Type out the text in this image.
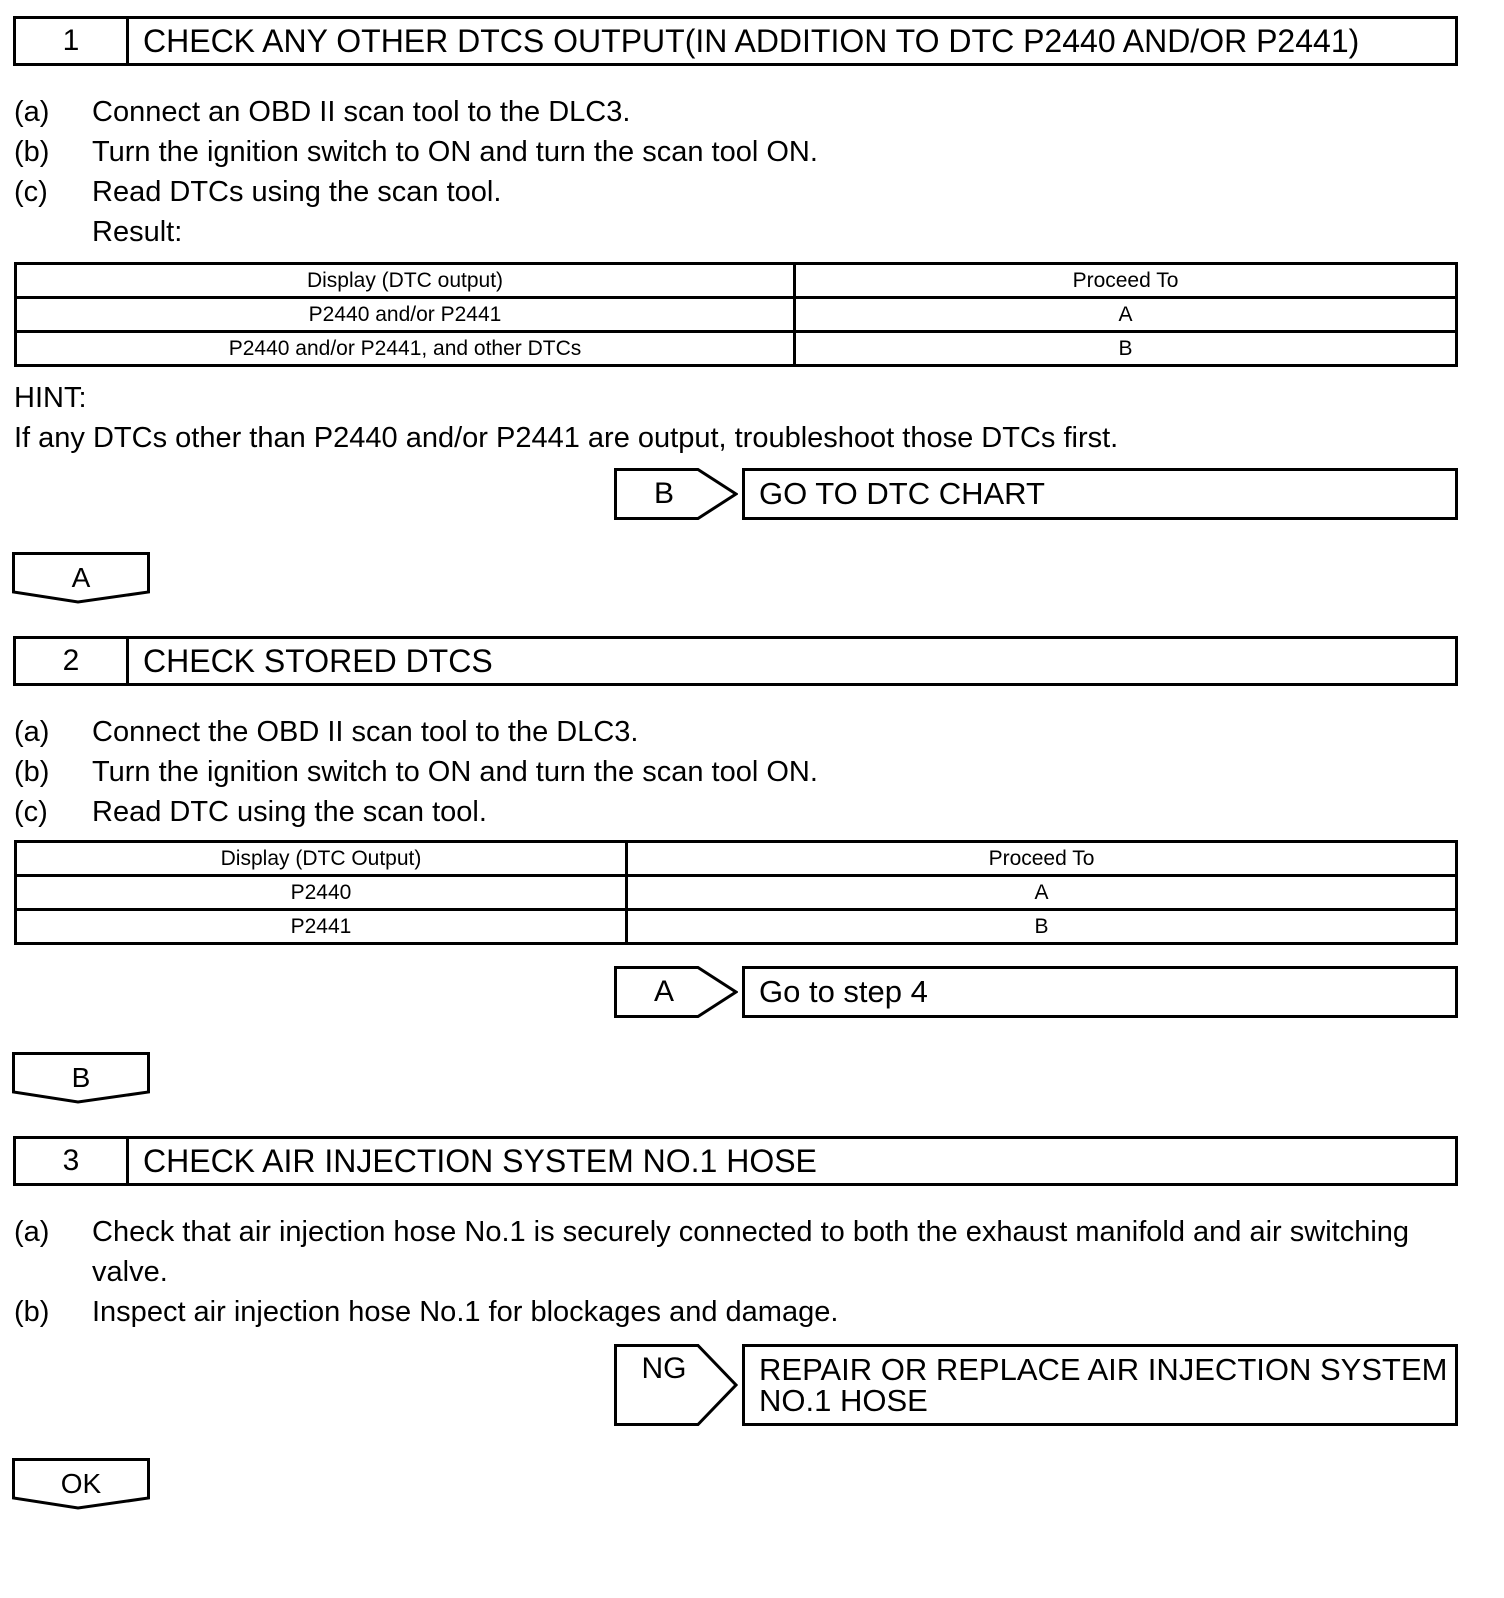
1	CHECK ANY OTHER DTCS OUTPUT(IN ADDITION TO DTC P2440 AND/OR P2441)
(a) Connect an OBD II scan tool to the DLC3.
(b) Turn the ignition switch to ON and turn the scan tool ON.
(c) Read DTCs using the scan tool.
Result:
Display (DTC output)	Proceed To
P2440 and/or P2441	A
P2440 and/or P2441, and other DTCs	B
HINT:
If any DTCs other than P2440 and/or P2441 are output, troubleshoot those DTCs first.
B	GO TO DTC CHART
A
2	CHECK STORED DTCS
(a) Connect the OBD II scan tool to the DLC3.
(b) Turn the ignition switch to ON and turn the scan tool ON.
(c) Read DTC using the scan tool.
Display (DTC Output)	Proceed To
P2440	A
P2441	B
A	Go to step 4
B
3	CHECK AIR INJECTION SYSTEM NO.1 HOSE
(a) Check that air injection hose No.1 is securely connected to both the exhaust manifold and air switching
valve.
(b) Inspect air injection hose No.1 for blockages and damage.
NG	REPAIR OR REPLACE AIR INJECTION SYSTEM
NO.1 HOSE
OK
